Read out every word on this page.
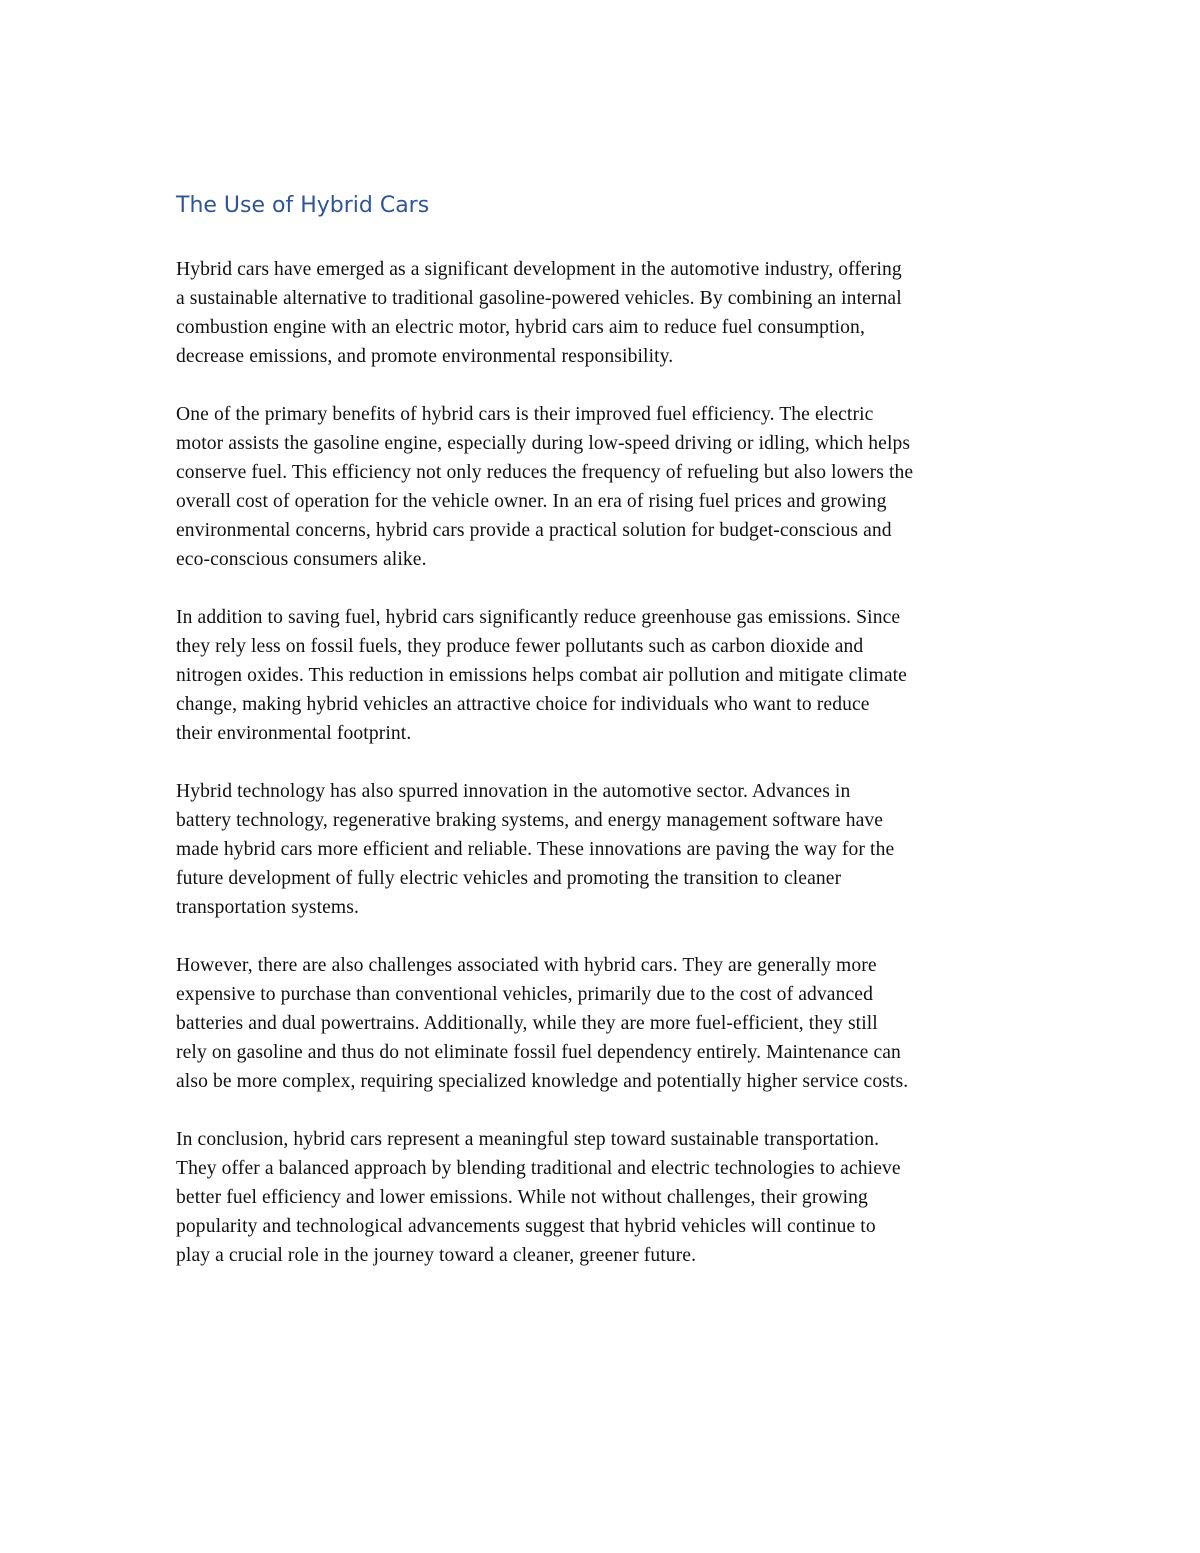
The Use of Hybrid Cars

Hybrid cars have emerged as a significant development in the automotive industry, offering
a sustainable alternative to traditional gasoline-powered vehicles. By combining an internal
combustion engine with an electric motor, hybrid cars aim to reduce fuel consumption,
decrease emissions, and promote environmental responsibility.

One of the primary benefits of hybrid cars is their improved fuel efficiency. The electric
motor assists the gasoline engine, especially during low-speed driving or idling, which helps
conserve fuel. This efficiency not only reduces the frequency of refueling but also lowers the
overall cost of operation for the vehicle owner. In an era of rising fuel prices and growing
environmental concerns, hybrid cars provide a practical solution for budget-conscious and
eco-conscious consumers alike.

In addition to saving fuel, hybrid cars significantly reduce greenhouse gas emissions. Since
they rely less on fossil fuels, they produce fewer pollutants such as carbon dioxide and
nitrogen oxides. This reduction in emissions helps combat air pollution and mitigate climate
change, making hybrid vehicles an attractive choice for individuals who want to reduce
their environmental footprint.

Hybrid technology has also spurred innovation in the automotive sector. Advances in
battery technology, regenerative braking systems, and energy management software have
made hybrid cars more efficient and reliable. These innovations are paving the way for the
future development of fully electric vehicles and promoting the transition to cleaner
transportation systems.

However, there are also challenges associated with hybrid cars. They are generally more
expensive to purchase than conventional vehicles, primarily due to the cost of advanced
batteries and dual powertrains. Additionally, while they are more fuel-efficient, they still
rely on gasoline and thus do not eliminate fossil fuel dependency entirely. Maintenance can
also be more complex, requiring specialized knowledge and potentially higher service costs.

In conclusion, hybrid cars represent a meaningful step toward sustainable transportation.
They offer a balanced approach by blending traditional and electric technologies to achieve
better fuel efficiency and lower emissions. While not without challenges, their growing
popularity and technological advancements suggest that hybrid vehicles will continue to
play a crucial role in the journey toward a cleaner, greener future.
